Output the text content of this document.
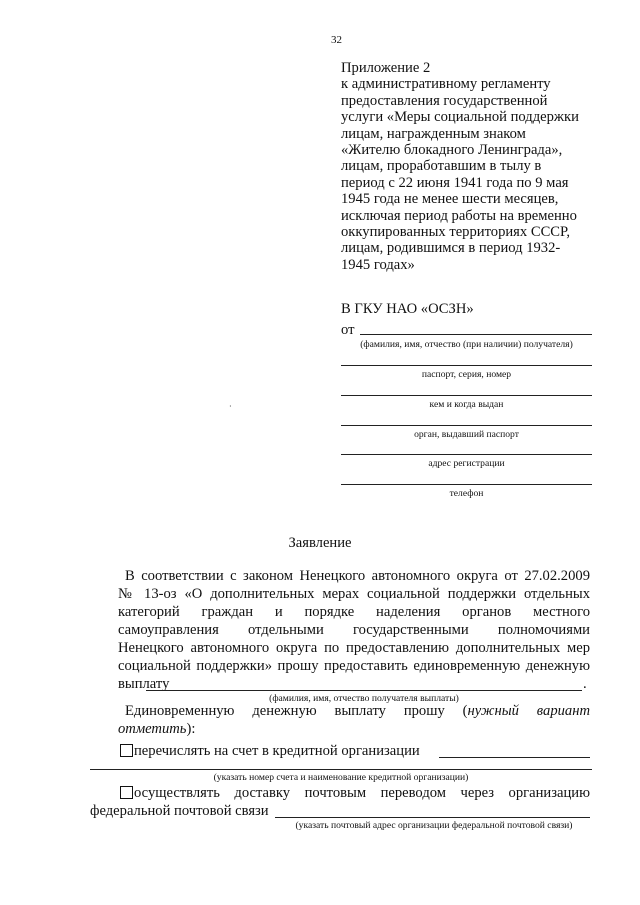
32
Приложение 2
к административному регламенту
предоставления государственной
услуги «Меры социальной поддержки
лицам, награжденным знаком
«Жителю блокадного Ленинграда»,
лицам, проработавшим в тылу в
период с 22 июня 1941 года по 9 мая
1945 года не менее шести месяцев,
исключая период работы на временно
оккупированных территориях СССР,
лицам, родившимся в период 1932-
1945 годах»
В ГКУ НАО «ОСЗН»
от
(фамилия, имя, отчество (при наличии) получателя)
паспорт, серия, номер
кем и когда выдан
орган, выдавший паспорт
адрес регистрации
телефон
·
Заявление
В соответствии с законом Ненецкого автономного округа от 27.02.2009
№ 13-оз «О дополнительных мерах социальной поддержки отдельных
категорий граждан и порядке наделения органов местного
самоуправления отдельными государственными полномочиями
Ненецкого автономного округа по предоставлению дополнительных мер
социальной поддержки» прошу предоставить единовременную денежную
выплату	.
(фамилия, имя, отчество получателя выплаты)
Единовременную денежную выплату прошу (нужный вариант
отметить):
перечислять на счет в кредитной организации
(указать номер счета и наименование кредитной организации)
осуществлять доставку почтовым переводом через организацию
федеральной почтовой связи
(указать почтовый адрес организации федеральной почтовой связи)
